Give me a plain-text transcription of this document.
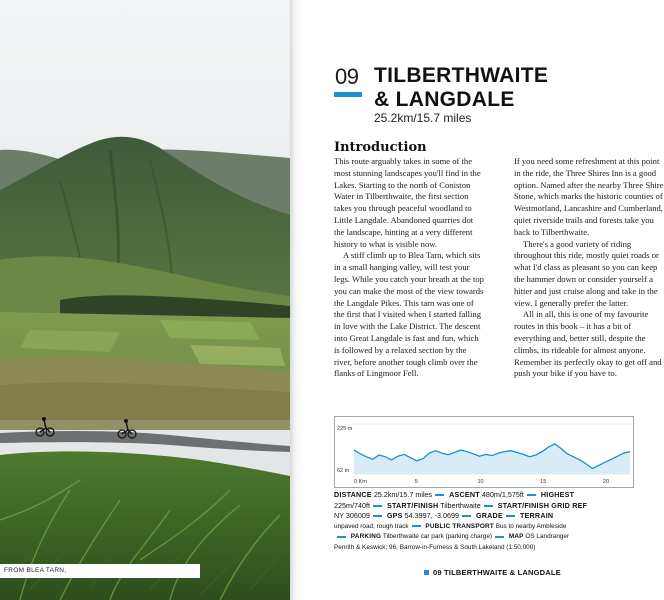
FROM BLEA TARN,
09 TILBERTHWAITE
& LANGDALE
25.2km/15.7 miles
Introduction

This route arguably takes in some of the most stunning landscapes you'll find in the Lakes. Starting to the north of Coniston Water in Tilberthwaite, the first section takes you through peaceful woodland to Little Langdale. Abandoned quarries dot the landscape, hinting at a very different history to what is visible now.

A stiff climb up to Blea Tarn, which sits in a small hanging valley, will test your legs. While you catch your breath at the top you can make the most of the view towards the Langdale Pikes. This tarn was one of the first that I visited when I started falling in love with the Lake District. The descent into Great Langdale is fast and fun, which is followed by a relaxed section by the river, before another tough climb over the flanks of Lingmoor Fell.

If you need some refreshment at this point in the ride, the Three Shires Inn is a good option. Named after the nearby Three Shire Stone, which marks the historic counties of Westmorland, Lancashire and Cumberland, quiet riverside trails and forests take you back to Tilberthwaite.

There's a good variety of riding throughout this ride, mostly quiet roads or what I'd class as pleasant so you can keep the hammer down or consider yourself a hitter and just cruise along and take in the view. I generally prefer the latter.

All in all, this is one of my favourite routes in this book – it has a bit of everything and, better still, despite the climbs, its rideable for almost anyone. Remember its perfectly okay to get off and push your bike if you have to.

225 m
62 m
0 Km	5	10	15	20
DISTANCE 25.2km/15.7 miles ASCENT 480m/1,575ft HIGHEST
225m/740ft START/FINISH Tilberthwaite START/FINISH GRID REF
NY 306009 GPS 54.3997, -3.0699 GRADE TERRAIN
unpaved road; rough track	PUBLIC TRANSPORT Bus to nearby Ambleside
PARKING Tilberthwaite car park (parking charge)	MAP OS Landranger
Penrith & Keswick; 96, Barrow-in-Furness & South Lakeland (1:50,000)
09 TILBERTHWAITE & LANGDALE
